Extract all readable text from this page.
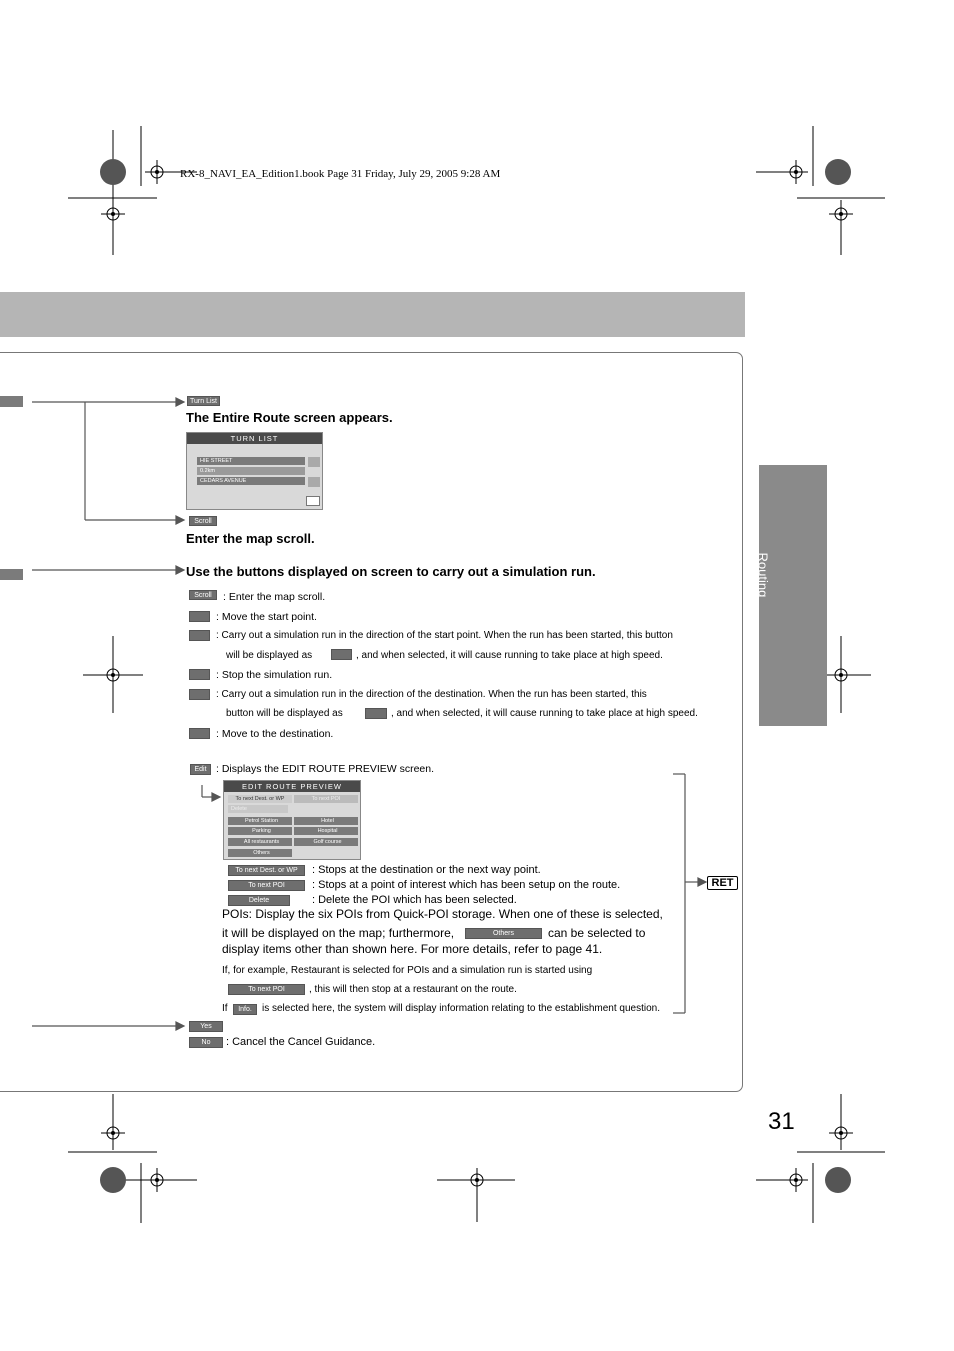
RX-8_NAVI_EA_Edition1.book Page 31 Friday, July 29, 2005 9:28 AM
Routing
31
Turn List
The Entire Route screen appears.
TURN LIST
HIE STREET
0.2km
CEDARS AVENUE
Scroll
Enter the map scroll.
Use the buttons displayed on screen to carry out a simulation run.
Scroll	: Enter the map scroll.
: Move the start point.
: Carry out a simulation run in the direction of the start point. When the run has been started, this button
will be displayed as	, and when selected, it will cause running to take place at high speed.
: Stop the simulation run.
: Carry out a simulation run in the direction of the destination. When the run has been started, this
button will be displayed as	, and when selected, it will cause running to take place at high speed.
: Move to the destination.
Edit : Displays the EDIT ROUTE PREVIEW screen.
EDIT ROUTE PREVIEW
To next Dest. or WP	To next POI
Delete
Petrol Station
Parking
All restaurants
Hotel
Hospital
Golf course
Others
To next Dest. or WP	: Stops at the destination or the next way point.
To next POI	: Stops at a point of interest which has been setup on the route.
Delete	: Delete the POI which has been selected.
POIs: Display the six POIs from Quick-POI storage. When one of these is selected,
it will be displayed on the map; furthermore,	Others	can be selected to
display items other than shown here. For more details, refer to page 41.
If, for example, Restaurant is selected for POIs and a simulation run is started using
To next POI	, this will then stop at a restaurant on the route.
If	Info.	is selected here, the system will display information relating to the establishment question.
RET
Yes
No	: Cancel the Cancel Guidance.
